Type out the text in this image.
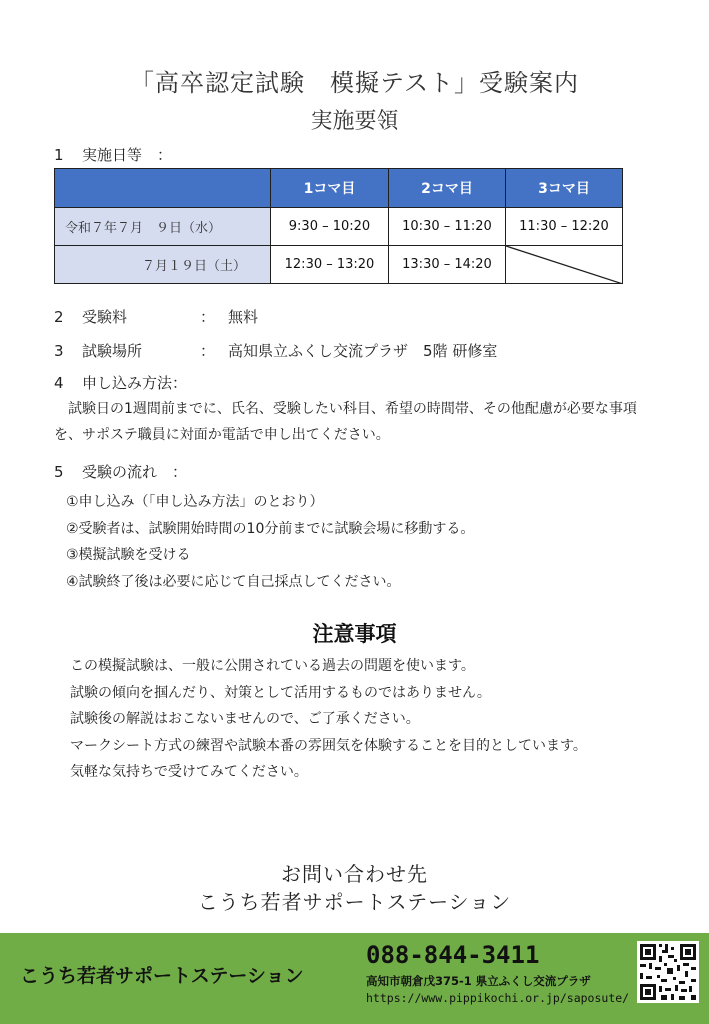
「高卒認定試験　模擬テスト」受験案内
実施要領
1 実施日等　：
	1コマ目	2コマ目	3コマ目
令和７年７月　９日（水）	9:30 – 10:20	10:30 – 11:20	11:30 – 12:20
７月１９日（土）	12:30 – 13:20	13:30 – 14:20	
2 受験料	： 無料
3 試験場所	： 高知県立ふくし交流プラザ　5階 研修室
4 申し込み方法：
　試験日の1週間前までに、氏名、受験したい科目、希望の時間帯、その他配慮が必要な事項を、サポステ職員に対面か電話で申し出てください。
5 受験の流れ　：
①申し込み（「申し込み方法」のとおり）
②受験者は、試験開始時間の10分前までに試験会場に移動する。
③模擬試験を受ける
④試験終了後は必要に応じて自己採点してください。
注意事項
この模擬試験は、一般に公開されている過去の問題を使います。
試験の傾向を掴んだり、対策として活用するものではありません。
試験後の解説はおこないませんので、ご了承ください。
マークシート方式の練習や試験本番の雰囲気を体験することを目的としています。
気軽な気持ちで受けてみてください。
お問い合わせ先
こうち若者サポートステーション
こうち若者サポートステーション
088-844-3411
高知市朝倉戊375-1 県立ふくし交流プラザ
https://www.pippikochi.or.jp/saposute/
